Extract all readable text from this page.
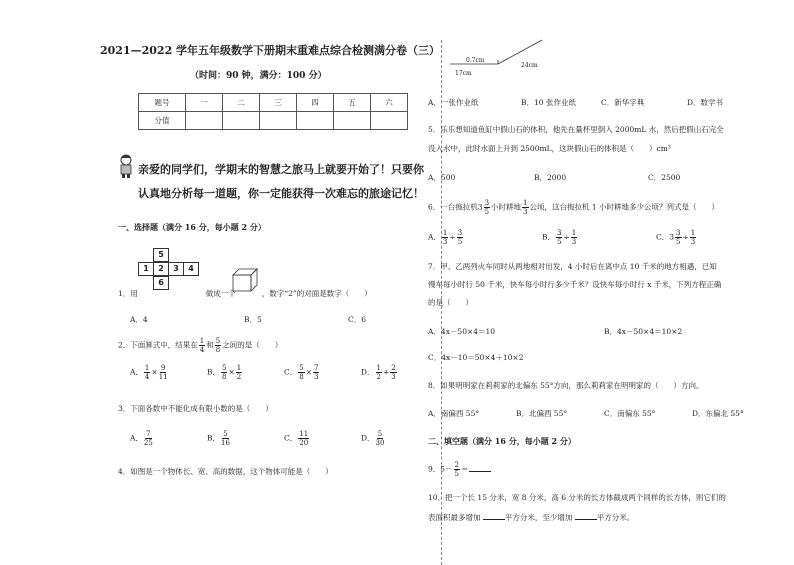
2021—2022 学年五年级数学下册期末重难点综合检测满分卷（三）
（时间：90 钟，满分：100 分）
题号	一	二	三	四	五	六
分值						
亲爱的同学们，学期末的智慧之旅马上就要开始了！只要你认真地分析每一道题，你一定能获得一次难忘的旅途记忆！
一、选择题（满分 16 分，每小题 2 分）
5
1	2	3	4
6
1．用	做成一个	，数字“2”的对面是数字（　　）
A．4	B．5	C．6
2．下面算式中，结果在 $\frac{1}{4}$ 和 $\frac{5}{8}$ 之间的是（　　）
A． $\frac{1}{4} \times \frac{9}{11}$	B． $\frac{5}{8} \times \frac{1}{2}$	C． $\frac{5}{8} \times \frac{7}{3}$	D． $\frac{1}{2} + \frac{2}{3}$
3．下面各数中不能化成有限小数的是（　　）
A． $\frac{7}{25}$	B． $\frac{5}{16}$	C． $\frac{11}{20}$	D． $\frac{5}{30}$
4．如图是一个物体长、宽、高的数据，这个物体可能是（　　）
0.7cm
24cm
17cm
A．一张作业纸	B．10 张作业纸	C．新华字典	D．数学书
5．乐乐想知道鱼缸中假山石的体积，他先在量杯里倒入 2000mL 水，然后把假山石完全
没入水中，此时水面上升到 2500mL，这块假山石的体积是（　　）cm³
A．500	B．2000	C．2500
6．一台拖拉机$3 \frac{3}{5}$ 小时耕地 $\frac{1}{3}$ 公顷，这台拖拉机 1 小时耕地多少公顷？列式是（　　）
A． $\frac{1}{3} \div \frac{3}{5}$	B． $\frac{3}{5} \div \frac{1}{3}$	C．$3 \frac{3}{5} \div \frac{1}{3}$
7．甲、乙两列火车同时从两地相对出发，4 小时后在离中点 10 千米的地方相遇，已知
慢车每小时行 50 千米，快车每小时行多少千米？设快车每小时行 x 千米，下列方程正确
的是（　　）
A．4x－50×4＝10	B．4x－50×4＝10×2
C．4x－10＝50×4＋10×2
8．如果明明家在莉莉家的北偏东 55°方向，那么莉莉家在明明家的（　　）方向。
A．南偏西 55°	B．北偏西 55°	C．南偏东 55°	D．东偏北 55°
二、填空题（满分 16 分，每小题 2 分）
9．$5- \frac{2}{5}$ ＝
10．把一个长 15 分米，宽 8 分米，高 6 分米的长方体截成两个同样的长方体，则它们的
表面积最多增加	平方分米，至少增加	平方分米。
